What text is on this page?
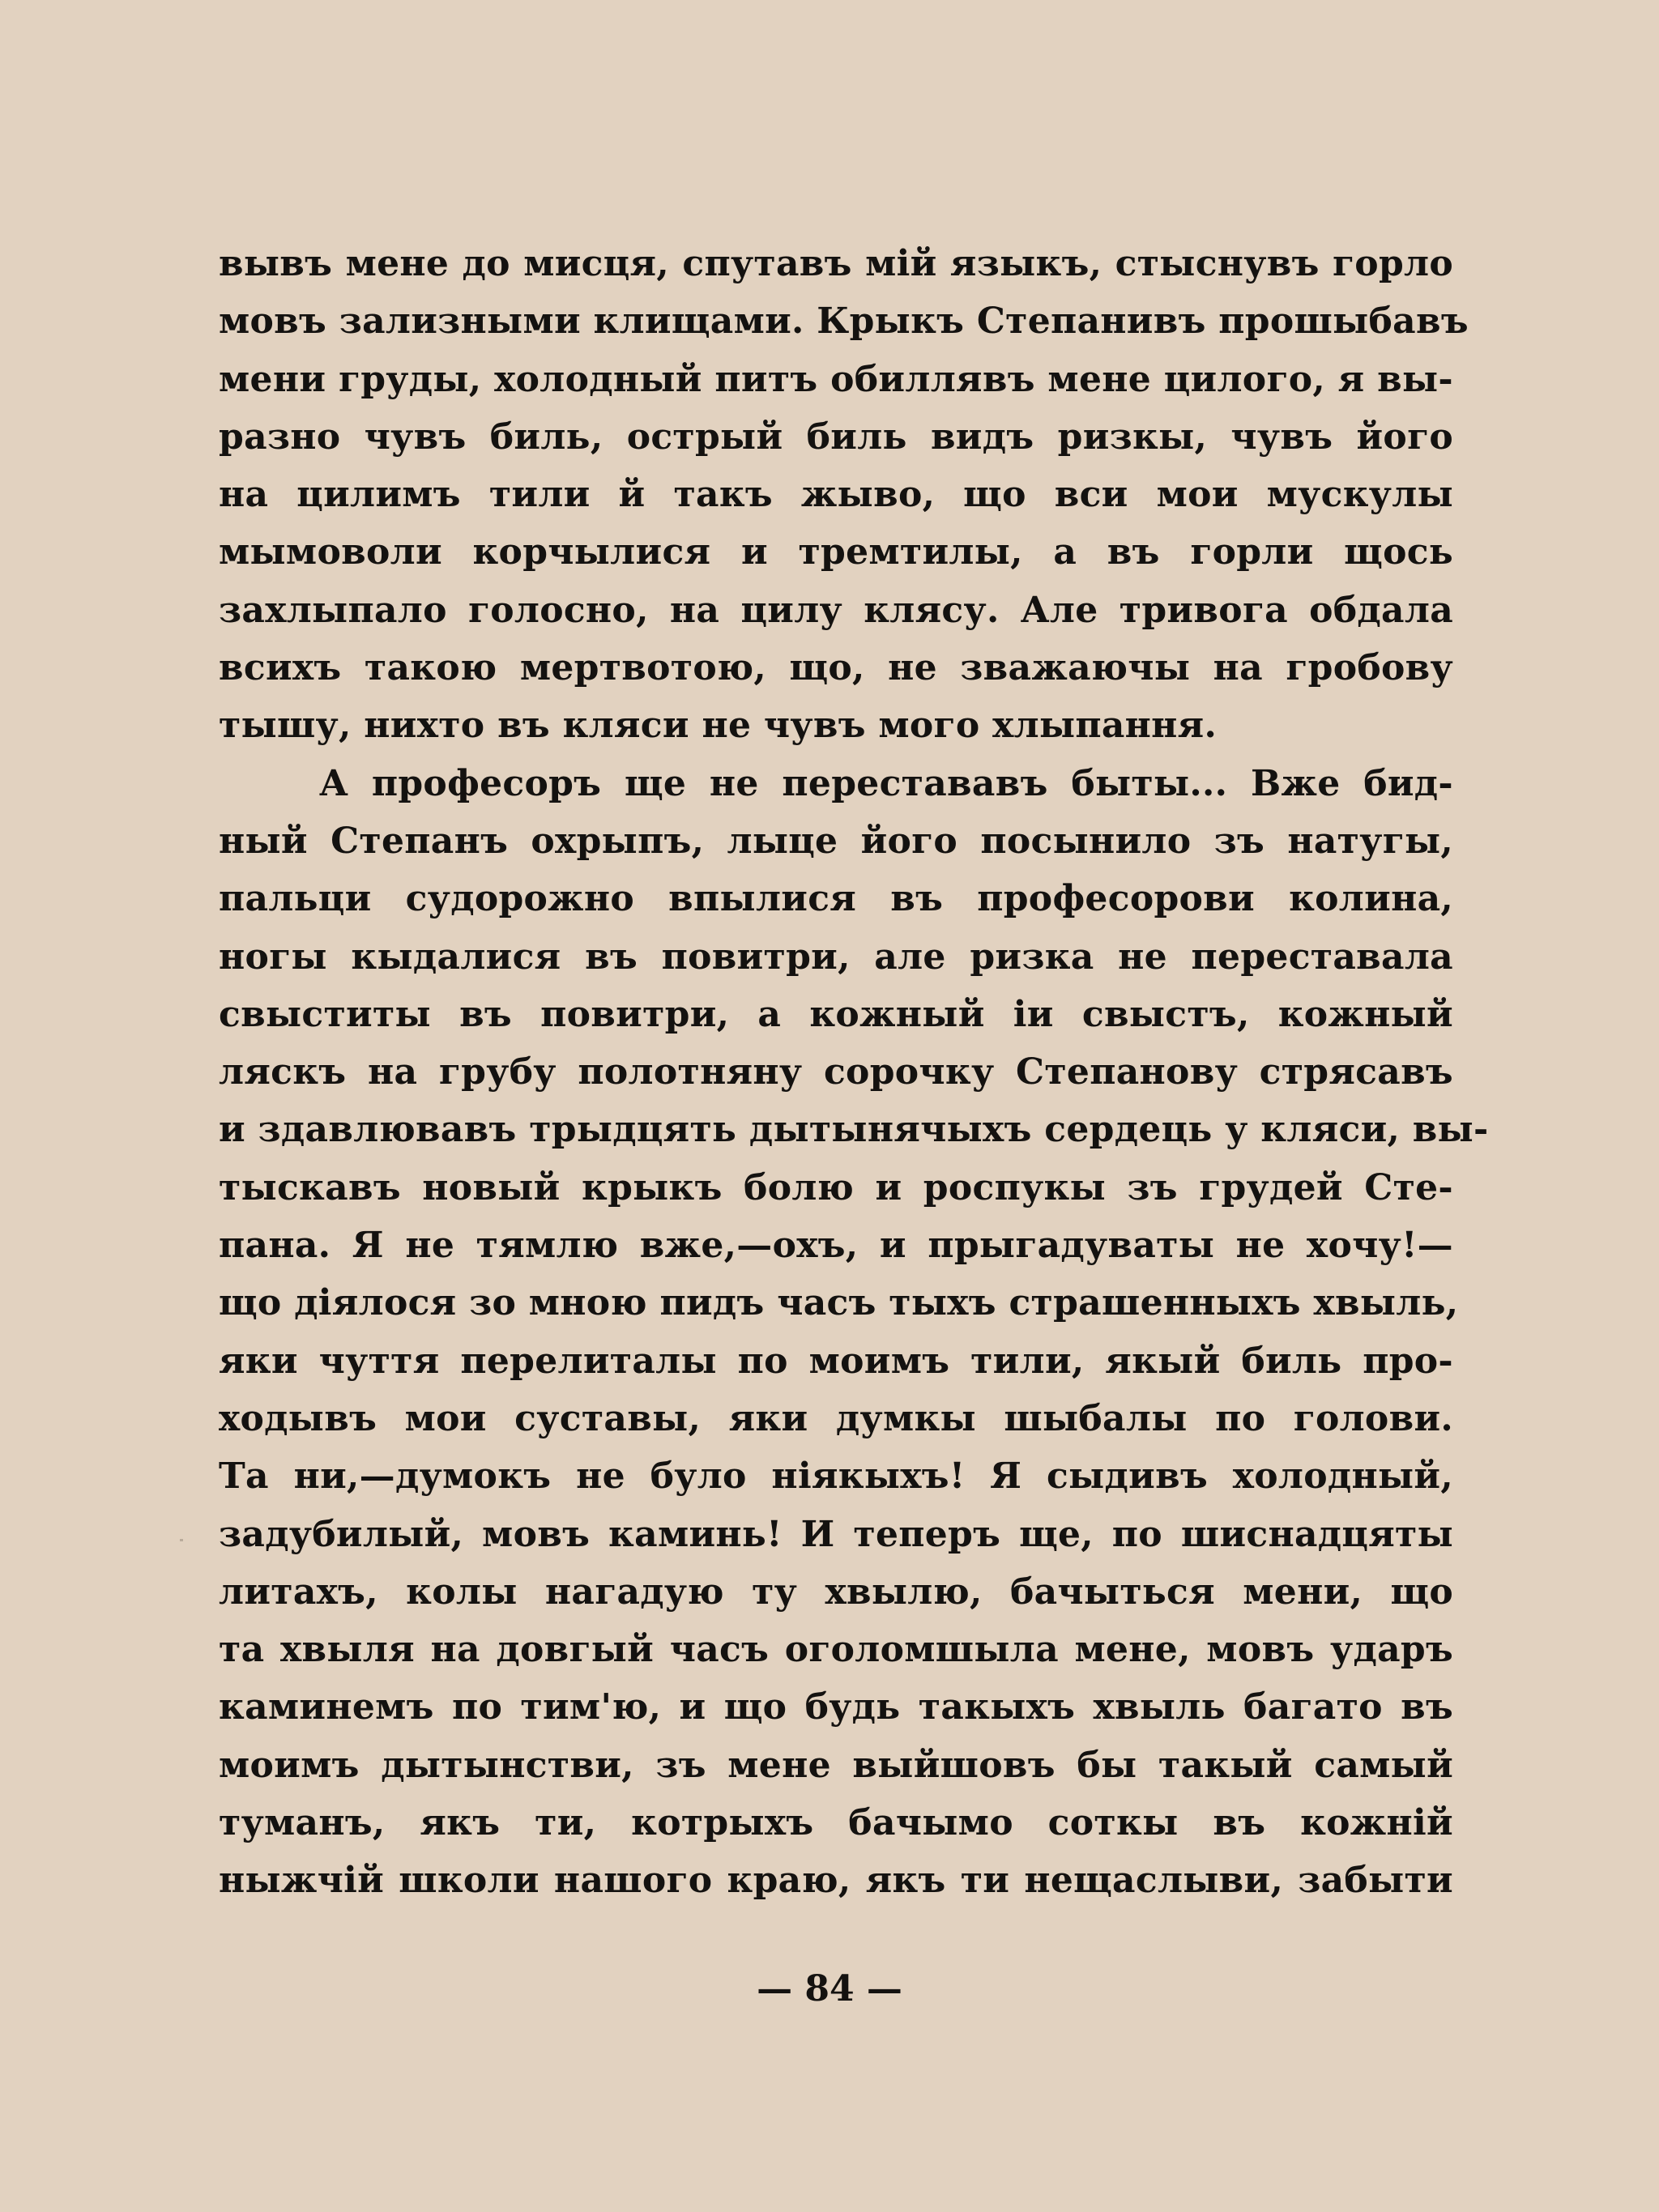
вывъ мене до мисця, спутавъ мій языкъ, стыснувъ горло
мовъ зализными клищами. Крыкъ Степанивъ прошыбавъ
мени груды, холодный питъ обиллявъ мене цилого, я вы-
разно чувъ биль, острый биль видъ ризкы, чувъ його
на цилимъ тили й такъ жыво, що вси мои мускулы
мымоволи корчылися и тремтилы, а въ горли щось
захлыпало голосно, на цилу клясу. Але тривога обдала
всихъ такою мертвотою, що, не зважаючы на гробову
тышу, нихто въ кляси не чувъ мого хлыпання.
А професоръ ще не перестававъ быты... Вже бид-
ный Степанъ охрыпъ, лыце його посынило зъ натугы,
пальци судорожно впылися въ професорови колина,
ногы кыдалися въ повитри, але ризка не переставала
свыститы въ повитри, а кожный іи свыстъ, кожный
ляскъ на грубу полотняну сорочку Степанову стрясавъ
и здавлювавъ трыдцять дытынячыхъ сердець у кляси, вы-
тыскавъ новый крыкъ болю и роспукы зъ грудей Сте-
пана. Я не тямлю вже,—охъ, и прыгадуваты не хочу!—
що діялося зо мною пидъ часъ тыхъ страшенныхъ хвыль,
яки чуття перелиталы по моимъ тили, якый биль про-
ходывъ мои суставы, яки думкы шыбалы по голови.
Та ни,—думокъ не було ніякыхъ! Я сыдивъ холодный,
задубилый, мовъ каминь! И теперъ ще, по шиснадцяты
литахъ, колы нагадую ту хвылю, бачыться мени, що
та хвыля на довгый часъ оголомшыла мене, мовъ ударъ
каминемъ по тим'ю, и що будь такыхъ хвыль багато въ
моимъ дытынстви, зъ мене выйшовъ бы такый самый
туманъ, якъ ти, котрыхъ бачымо соткы въ кожній
ныжчій школи нашого краю, якъ ти нещаслыви, забыти
— 84 —
